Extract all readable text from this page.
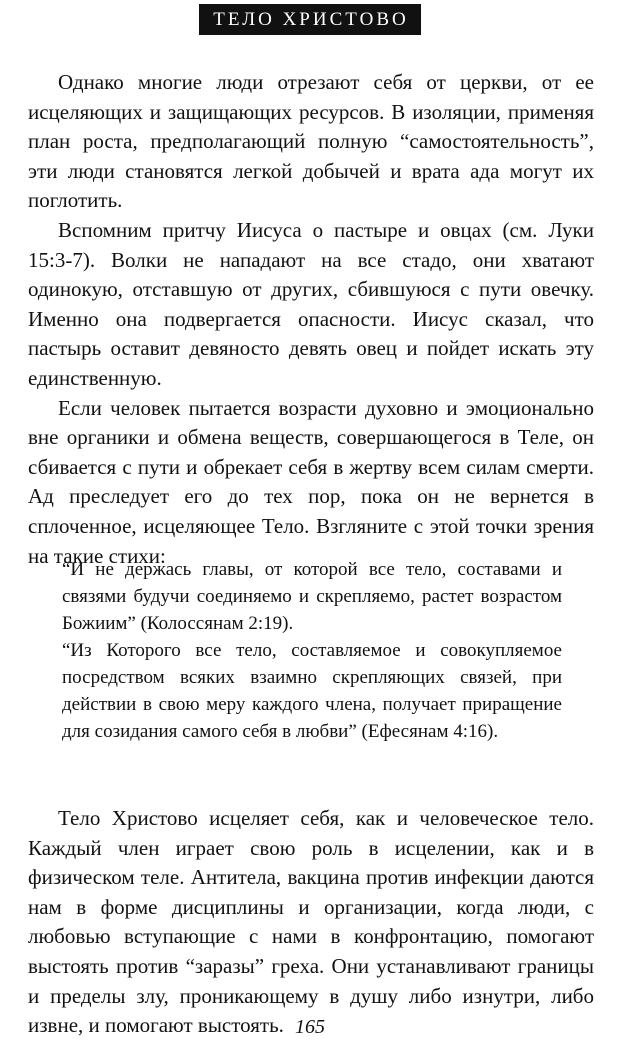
ТЕЛО ХРИСТОВО

Однако многие люди отрезают себя от церкви, от ее исцеляющих и защищающих ресурсов. В изоляции, применяя план роста, предполагающий полную “самостоятельность”, эти люди становятся легкой добычей и врата ада могут их поглотить.

Вспомним притчу Иисуса о пастыре и овцах (см. Луки 15:3-7). Волки не нападают на все стадо, они хватают одинокую, отставшую от других, сбившуюся с пути овечку. Именно она подвергается опасности. Иисус сказал, что пастырь оставит девяносто девять овец и пойдет искать эту единственную.

Если человек пытается возрасти духовно и эмоционально вне органики и обмена веществ, совершающегося в Теле, он сбивается с пути и обрекает себя в жертву всем силам смерти. Ад преследует его до тех пор, пока он не вернется в сплоченное, исцеляющее Тело. Взгляните с этой точки зрения на такие стихи:

“И не держась главы, от которой все тело, составами и связями будучи соединяемо и скрепляемо, растет возрастом Божиим” (Колоссянам 2:19).

“Из Которого все тело, составляемое и совокупляемое посредством всяких взаимно скрепляющих связей, при действии в свою меру каждого члена, получает приращение для созидания самого себя в любви” (Ефесянам 4:16).

Тело Христово исцеляет себя, как и человеческое тело. Каждый член играет свою роль в исцелении, как и в физическом теле. Антитела, вакцина против инфекции даются нам в форме дисциплины и организации, когда люди, с любовью вступающие с нами в конфронтацию, помогают выстоять против “заразы” греха. Они устанавливают границы и пределы злу, проникающему в душу либо изнутри, либо извне, и помогают выстоять. 165
